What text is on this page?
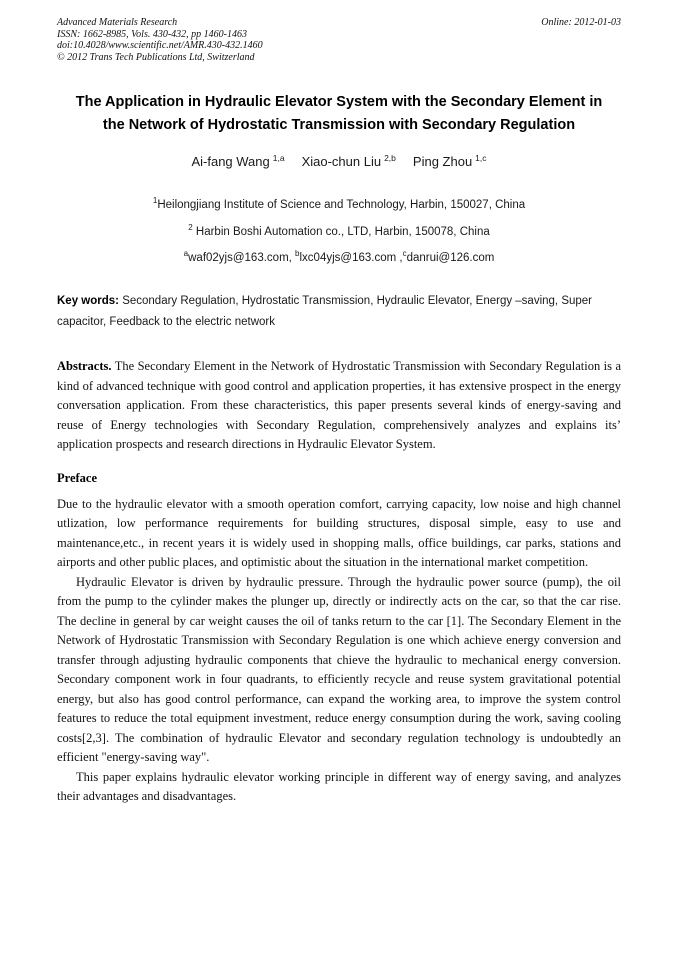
Advanced Materials Research
ISSN: 1662-8985, Vols. 430-432, pp 1460-1463
doi:10.4028/www.scientific.net/AMR.430-432.1460
© 2012 Trans Tech Publications Ltd, Switzerland
Online: 2012-01-03
The Application in Hydraulic Elevator System with the Secondary Element in the Network of Hydrostatic Transmission with Secondary Regulation
Ai-fang Wang $^{1,a}$ Xiao-chun Liu $^{2,b}$ Ping Zhou $^{1,c}$
$^1$Heilongjiang Institute of Science and Technology, Harbin, 150027, China
$^2$ Harbin Boshi Automation co., LTD, Harbin, 150078, China
$^a$waf02yjs@163.com, $^b$lxc04yjs@163.com ,$^c$danrui@126.com

Key words: Secondary Regulation, Hydrostatic Transmission, Hydraulic Elevator, Energy –saving, Super capacitor, Feedback to the electric network

Abstracts. The Secondary Element in the Network of Hydrostatic Transmission with Secondary Regulation is a kind of advanced technique with good control and application properties, it has extensive prospect in the energy conversation application. From these characteristics, this paper presents several kinds of energy-saving and reuse of Energy technologies with Secondary Regulation, comprehensively analyzes and explains its’ application prospects and research directions in Hydraulic Elevator System.

Preface

Due to the hydraulic elevator with a smooth operation comfort, carrying capacity, low noise and high channel utlization, low performance requirements for building structures, disposal simple, easy to use and maintenance,etc., in recent years it is widely used in shopping malls, office buildings, car parks, stations and airports and other public places, and optimistic about the situation in the international market competition.

Hydraulic Elevator is driven by hydraulic pressure. Through the hydraulic power source (pump), the oil from the pump to the cylinder makes the plunger up, directly or indirectly acts on the car, so that the car rise. The decline in general by car weight causes the oil of tanks return to the car [1]. The Secondary Element in the Network of Hydrostatic Transmission with Secondary Regulation is one which achieve energy conversion and transfer through adjusting hydraulic components that chieve the hydraulic to mechanical energy conversion. Secondary component work in four quadrants, to efficiently recycle and reuse system gravitational potential energy, but also has good control performance, can expand the working area, to improve the system control features to reduce the total equipment investment, reduce energy consumption during the work, saving cooling costs[2,3]. The combination of hydraulic Elevator and secondary regulation technology is undoubtedly an efficient "energy-saving way".

This paper explains hydraulic elevator working principle in different way of energy saving, and analyzes their advantages and disadvantages.
